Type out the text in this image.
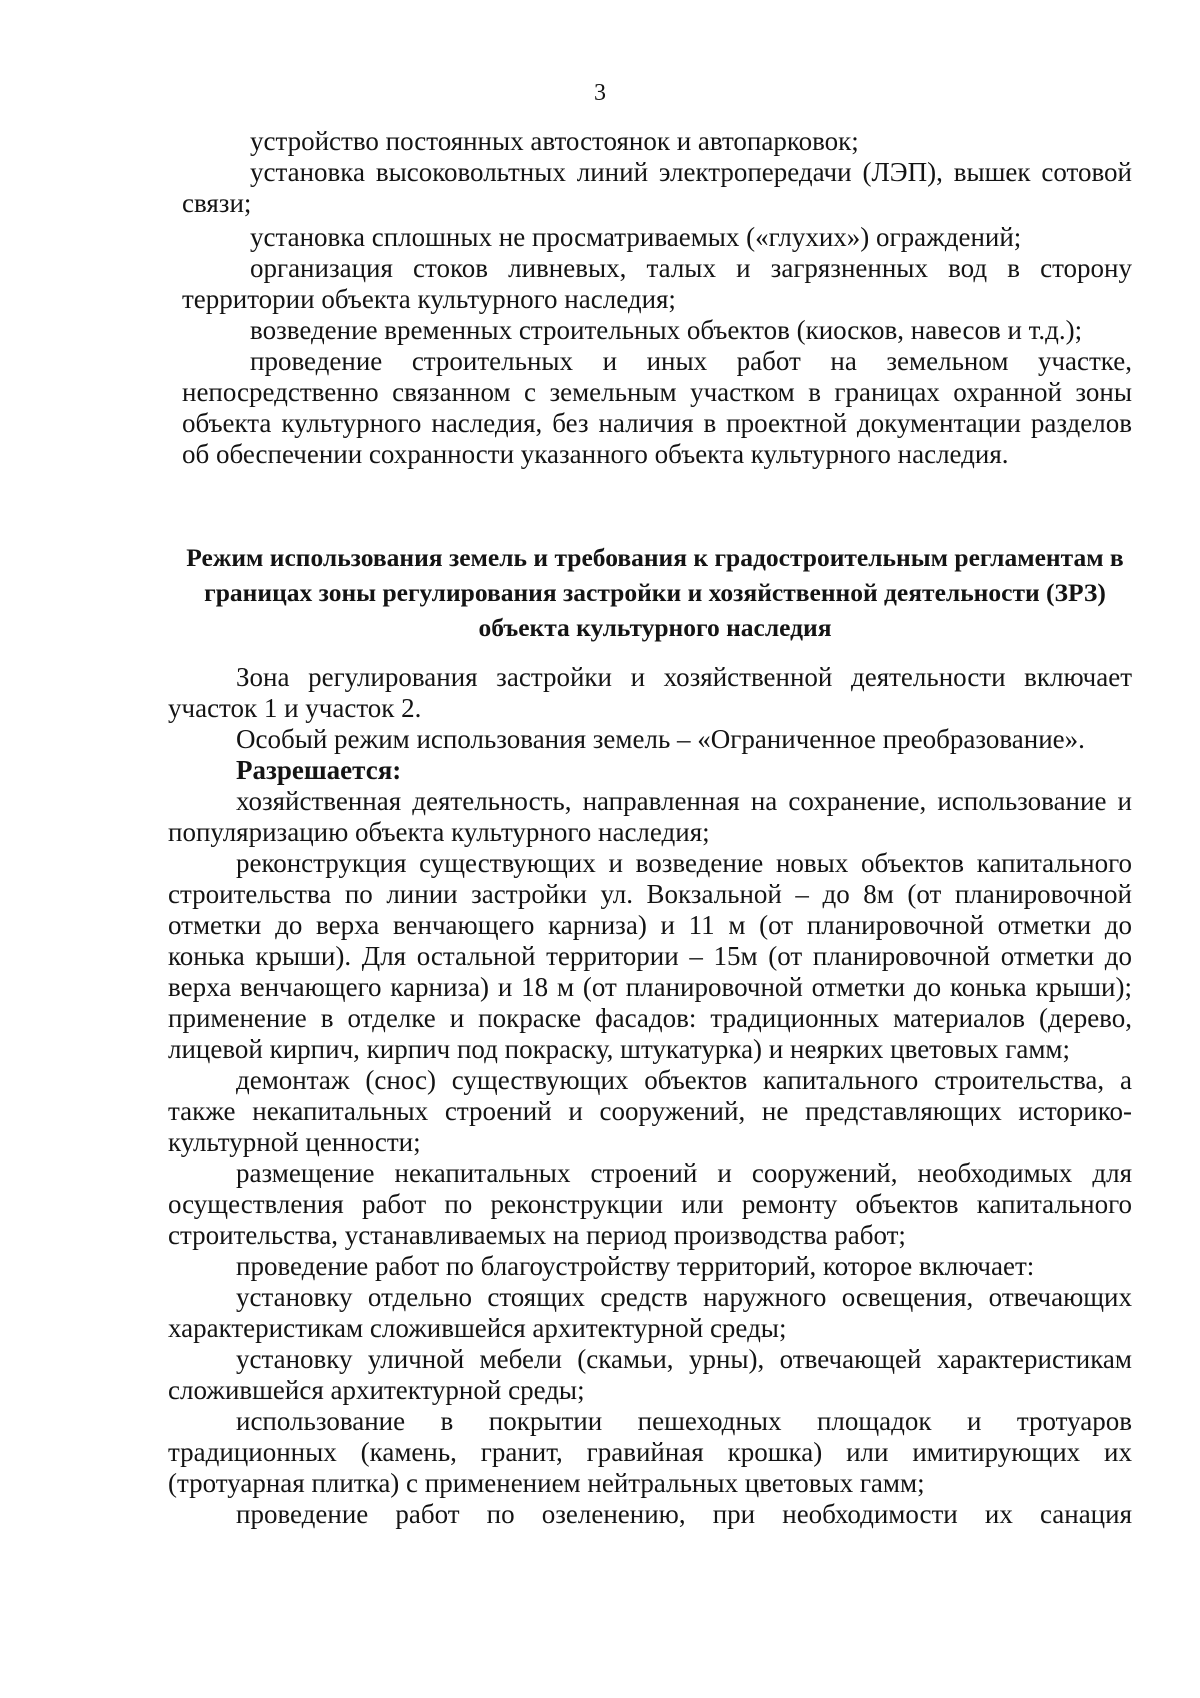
3

устройство постоянных автостоянок и автопарковок;

установка высоковольтных линий электропередачи (ЛЭП), вышек сотовой связи;

установка сплошных не просматриваемых («глухих») ограждений;

организация стоков ливневых, талых и загрязненных вод в сторону территории объекта культурного наследия;

возведение временных строительных объектов (киосков, навесов и т.д.);

проведение строительных и иных работ на земельном участке, непосредственно связанном с земельным участком в границах охранной зоны объекта культурного наследия, без наличия в проектной документации разделов об обеспечении сохранности указанного объекта культурного наследия.

Режим использования земель и требования к градостроительным регламентам в границах зоны регулирования застройки и хозяйственной деятельности (ЗРЗ) объекта культурного наследия

Зона регулирования застройки и хозяйственной деятельности включает участок 1 и участок 2.

Особый режим использования земель – «Ограниченное преобразование».

Разрешается:

хозяйственная деятельность, направленная на сохранение, использование и популяризацию объекта культурного наследия;

реконструкция существующих и возведение новых объектов капитального строительства по линии застройки ул. Вокзальной – до 8м (от планировочной отметки до верха венчающего карниза) и 11 м (от планировочной отметки до конька крыши). Для остальной территории – 15м (от планировочной отметки до верха венчающего карниза) и 18 м (от планировочной отметки до конька крыши); применение в отделке и покраске фасадов: традиционных материалов (дерево, лицевой кирпич, кирпич под покраску, штукатурка) и неярких цветовых гамм;

демонтаж (снос) существующих объектов капитального строительства, а также некапитальных строений и сооружений, не представляющих историко-культурной ценности;

размещение некапитальных строений и сооружений, необходимых для осуществления работ по реконструкции или ремонту объектов капитального строительства, устанавливаемых на период производства работ;

проведение работ по благоустройству территорий, которое включает:

установку отдельно стоящих средств наружного освещения, отвечающих характеристикам сложившейся архитектурной среды;

установку уличной мебели (скамьи, урны), отвечающей характеристикам сложившейся архитектурной среды;

использование в покрытии пешеходных площадок и тротуаров традиционных (камень, гранит, гравийная крошка) или имитирующих их (тротуарная плитка) с применением нейтральных цветовых гамм;

проведение работ по озеленению, при необходимости их санация
